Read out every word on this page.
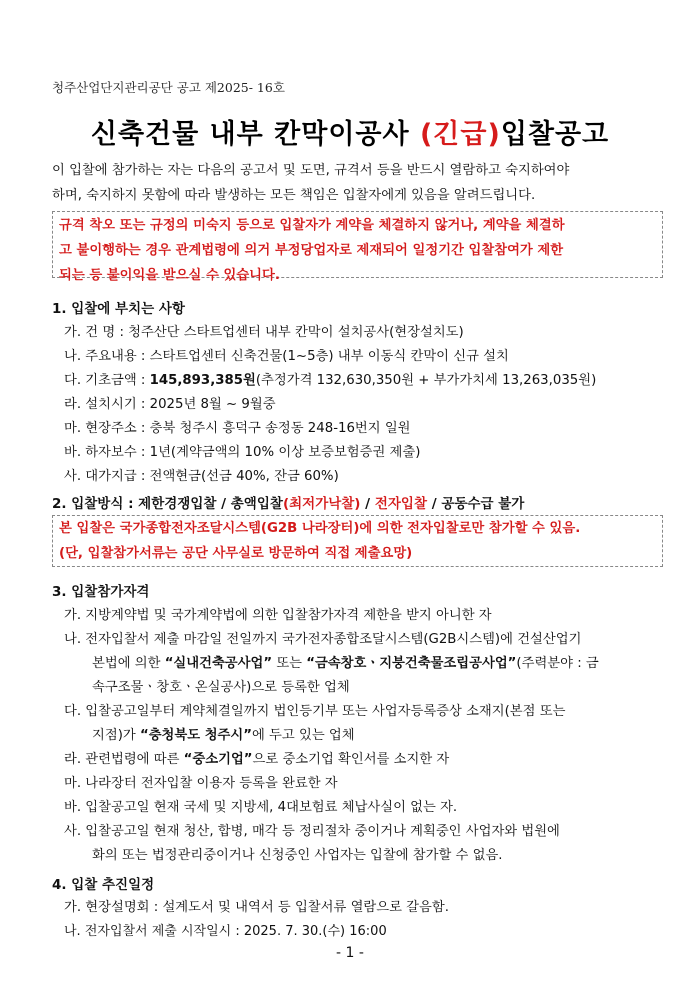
청주산업단지관리공단 공고 제2025- 16호
신축건물 내부 칸막이공사 (긴급)입찰공고
이 입찰에 참가하는 자는 다음의 공고서 및 도면, 규격서 등을 반드시 열람하고 숙지하여야
하며, 숙지하지 못함에 따라 발생하는 모든 책임은 입찰자에게 있음을 알려드립니다.
규격 착오 또는 규정의 미숙지 등으로 입찰자가 계약을 체결하지 않거나, 계약을 체결하
고 불이행하는 경우 관계법령에 의거 부정당업자로 제재되어 일정기간 입찰참여가 제한
되는 등 불이익을 받으실 수 있습니다.
1. 입찰에 부치는 사항
가. 건 명 : 청주산단 스타트업센터 내부 칸막이 설치공사(현장설치도)
나. 주요내용 : 스타트업센터 신축건물(1~5층) 내부 이동식 칸막이 신규 설치
다. 기초금액 : 145,893,385원(추정가격 132,630,350원 + 부가가치세 13,263,035원)
라. 설치시기 : 2025년 8월 ~ 9월중
마. 현장주소 : 충북 청주시 흥덕구 송정동 248-16번지 일원
바. 하자보수 : 1년(계약금액의 10% 이상 보증보험증권 제출)
사. 대가지급 : 전액현금(선금 40%, 잔금 60%)
2. 입찰방식 : 제한경쟁입찰 / 총액입찰(최저가낙찰) / 전자입찰 / 공동수급 불가
본 입찰은 국가종합전자조달시스템(G2B 나라장터)에 의한 전자입찰로만 참가할 수 있음.
(단, 입찰참가서류는 공단 사무실로 방문하여 직접 제출요망)
3. 입찰참가자격
가. 지방계약법 및 국가계약법에 의한 입찰참가자격 제한을 받지 아니한 자
나. 전자입찰서 제출 마감일 전일까지 국가전자종합조달시스템(G2B시스템)에 건설산업기
본법에 의한 “실내건축공사업” 또는 “금속창호ㆍ지붕건축물조립공사업”(주력분야 : 금
속구조물ㆍ창호ㆍ온실공사)으로 등록한 업체
다. 입찰공고일부터 계약체결일까지 법인등기부 또는 사업자등록증상 소재지(본점 또는
지점)가 “충청북도 청주시”에 두고 있는 업체
라. 관련법령에 따른 “중소기업”으로 중소기업 확인서를 소지한 자
마. 나라장터 전자입찰 이용자 등록을 완료한 자
바. 입찰공고일 현재 국세 및 지방세, 4대보험료 체납사실이 없는 자.
사. 입찰공고일 현재 청산, 합병, 매각 등 정리절차 중이거나 계획중인 사업자와 법원에
화의 또는 법정관리중이거나 신청중인 사업자는 입찰에 참가할 수 없음.
4. 입찰 추진일정
가. 현장설명회 : 설계도서 및 내역서 등 입찰서류 열람으로 갈음함.
나. 전자입찰서 제출 시작일시 : 2025. 7. 30.(수) 16:00
- 1 -
